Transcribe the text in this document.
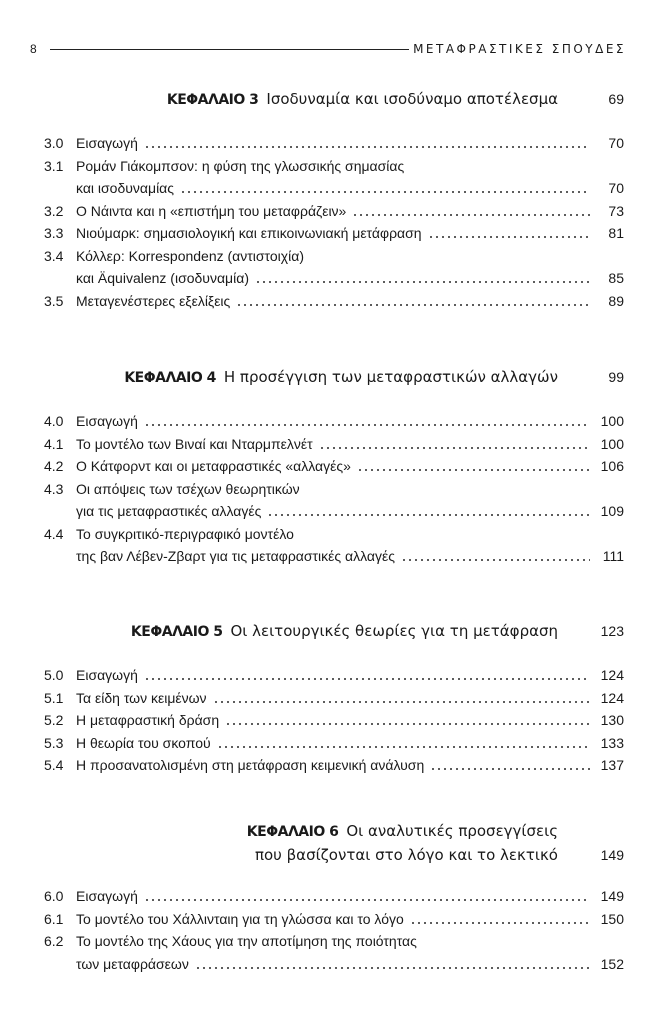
8	ΜΕΤΑΦΡΑΣΤΙΚΕΣ ΣΠΟΥΔΕΣ
ΚΕΦΑΛΑΙΟ 3 Ισοδυναμία και ισοδύναμο αποτέλεσμα	69
3.0 Εισαγωγή	70
3.1 Ρομάν Γιάκομπσον: η φύση της γλωσσικής σημασίας
και ισοδυναμίας	70
3.2 Ο Νάιντα και η «επιστήμη του μεταφράζειν»	73
3.3 Νιούμαρκ: σημασιολογική και επικοινωνιακή μετάφραση	81
3.4 Κόλλερ: Korrespondenz (αντιστοιχία)
και Äquivalenz (ισοδυναμία)	85
3.5 Μεταγενέστερες εξελίξεις	89
ΚΕΦΑΛΑΙΟ 4 Η προσέγγιση των μεταφραστικών αλλαγών	99
4.0 Εισαγωγή	100
4.1 Το μοντέλο των Βιναί και Νταρμπελνέτ	100
4.2 Ο Κάτφορντ και οι μεταφραστικές «αλλαγές»	106
4.3 Οι απόψεις των τσέχων θεωρητικών
για τις μεταφραστικές αλλαγές	109
4.4 Το συγκριτικό-περιγραφικό μοντέλο
της βαν Λέβεν-Ζβαρτ για τις μεταφραστικές αλλαγές	111
ΚΕΦΑΛΑΙΟ 5 Οι λειτουργικές θεωρίες για τη μετάφραση	123
5.0 Εισαγωγή	124
5.1 Τα είδη των κειμένων	124
5.2 Η μεταφραστική δράση	130
5.3 Η θεωρία του σκοπού	133
5.4 Η προσανατολισμένη στη μετάφραση κειμενική ανάλυση	137
ΚΕΦΑΛΑΙΟ 6 Οι αναλυτικές προσεγγίσεις
που βασίζονται στο λόγο και το λεκτικό	149
6.0 Εισαγωγή	149
6.1 Το μοντέλο του Χάλλινταιη για τη γλώσσα και το λόγο	150
6.2 Το μοντέλο της Χάους για την αποτίμηση της ποιότητας
των μεταφράσεων	152
